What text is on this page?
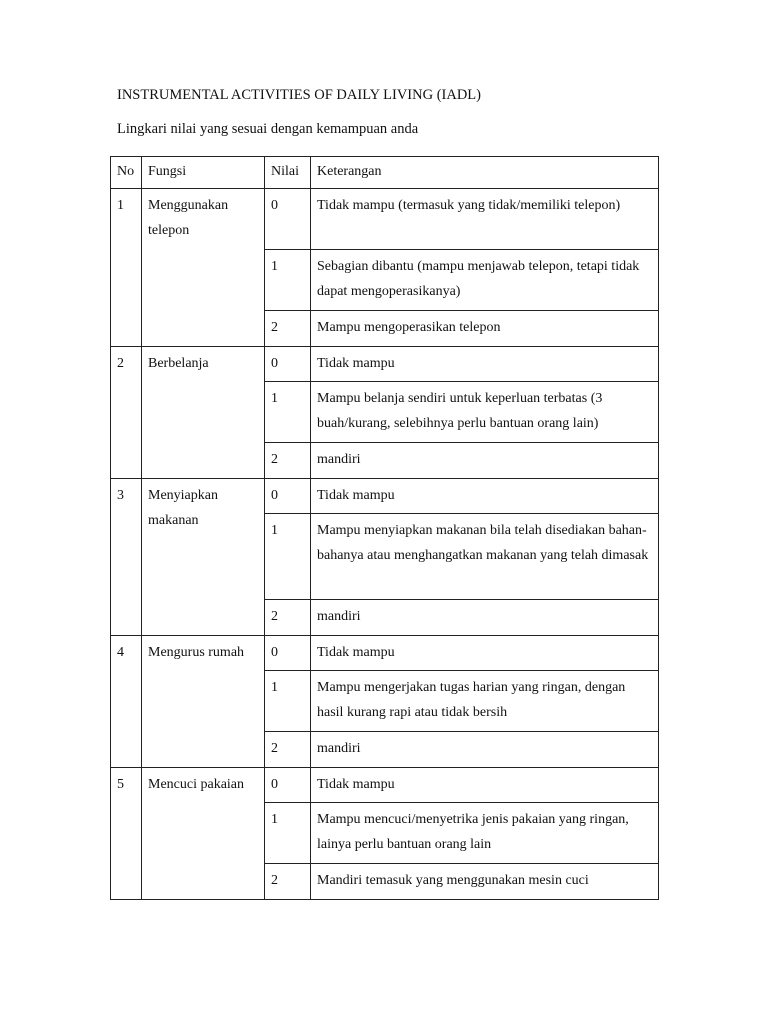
INSTRUMENTAL ACTIVITIES OF DAILY LIVING (IADL)

Lingkari nilai yang sesuai dengan kemampuan anda

No	Fungsi	Nilai	Keterangan
1	Menggunakan telepon	0	Tidak mampu (termasuk yang tidak/memiliki telepon)
		1	Sebagian dibantu (mampu menjawab telepon, tetapi tidak dapat mengoperasikanya)
		2	Mampu mengoperasikan telepon
2	Berbelanja	0	Tidak mampu
		1	Mampu belanja sendiri untuk keperluan terbatas (3 buah/kurang, selebihnya perlu bantuan orang lain)
		2	mandiri
3	Menyiapkan makanan	0	Tidak mampu
		1	Mampu menyiapkan makanan bila telah disediakan bahan-bahanya atau menghangatkan makanan yang telah dimasak
		2	mandiri
4	Mengurus rumah	0	Tidak mampu
		1	Mampu mengerjakan tugas harian yang ringan, dengan hasil kurang rapi atau tidak bersih
		2	mandiri
5	Mencuci pakaian	0	Tidak mampu
		1	Mampu mencuci/menyetrika jenis pakaian yang ringan, lainya perlu bantuan orang lain
		2	Mandiri temasuk yang menggunakan mesin cuci
